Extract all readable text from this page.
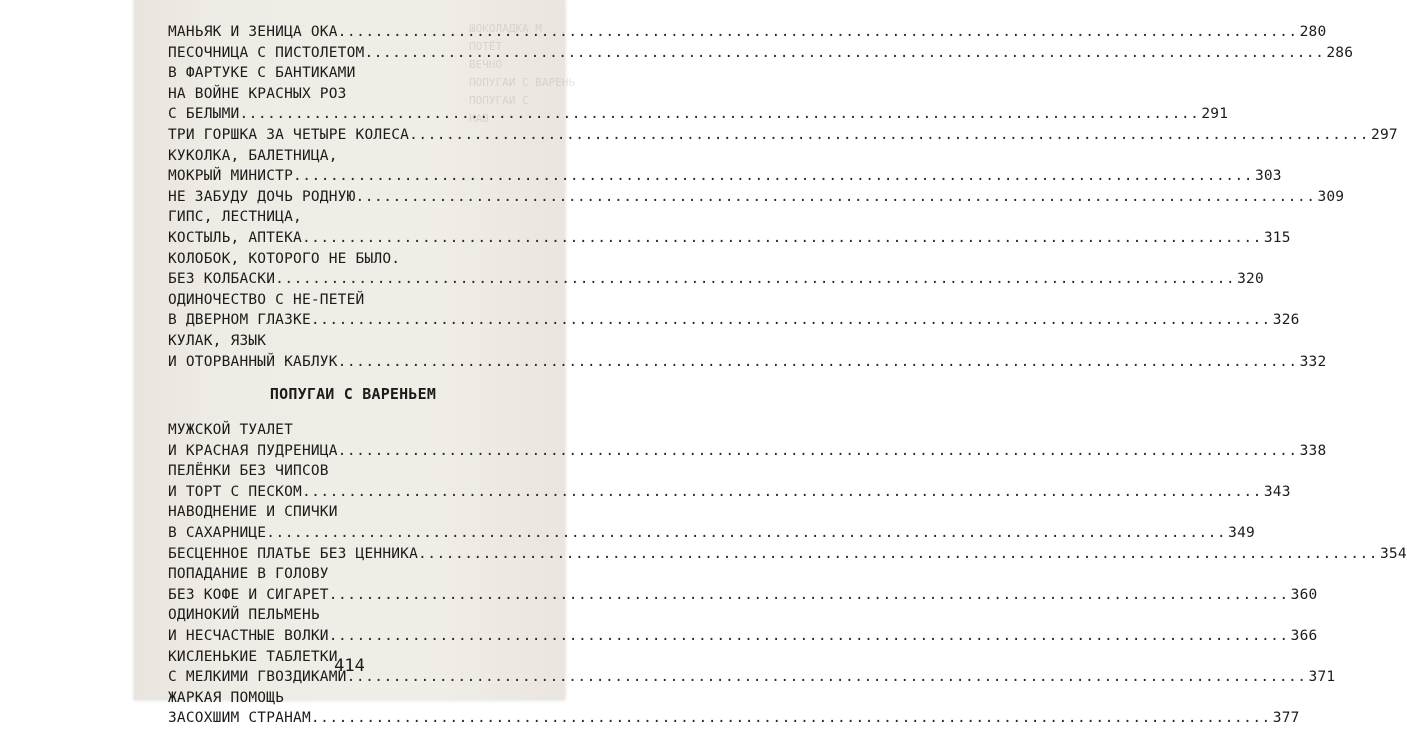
ШОКОЛАДКА М
ПОТЁТ
ВЕЧНО
ПОПУГАИ С ВАРЕНЬ
ПОПУГАИ С
НАВ
МАНЬЯК И ЗЕНИЦА ОКА .....	280
ПЕСОЧНИЦА С ПИСТОЛЕТОМ .....	286
В ФАРТУКЕ С БАНТИКАМИ
НА ВОЙНЕ КРАСНЫХ РОЗ
С БЕЛЫМИ .....	291
ТРИ ГОРШКА ЗА ЧЕТЫРЕ КОЛЕСА .....	297
КУКОЛКА, БАЛЕТНИЦА,
МОКРЫЙ МИНИСТР .....	303
НЕ ЗАБУДУ ДОЧЬ РОДНУЮ .....	309
ГИПС, ЛЕСТНИЦА,
КОСТЫЛЬ, АПТЕКА .....	315
КОЛОБОК, КОТОРОГО НЕ БЫЛО.
БЕЗ КОЛБАСКИ .....	320
ОДИНОЧЕСТВО С НЕ-ПЕТЕЙ
В ДВЕРНОМ ГЛАЗКЕ .....	326
КУЛАК, ЯЗЫК
И ОТОРВАННЫЙ КАБЛУК .....	332
ПОПУГАИ С ВАРЕНЬЕМ
МУЖСКОЙ ТУАЛЕТ
И КРАСНАЯ ПУДРЕНИЦА .....	338
ПЕЛЁНКИ БЕЗ ЧИПСОВ
И ТОРТ С ПЕСКОМ .....	343
НАВОДНЕНИЕ И СПИЧКИ
В САХАРНИЦЕ .....	349
БЕСЦЕННОЕ ПЛАТЬЕ БЕЗ ЦЕННИКА .....	354
ПОПАДАНИЕ В ГОЛОВУ
БЕЗ КОФЕ И СИГАРЕТ .....	360
ОДИНОКИЙ ПЕЛЬМЕНЬ
И НЕСЧАСТНЫЕ ВОЛКИ .....	366
КИСЛЕНЬКИЕ ТАБЛЕТКИ
С МЕЛКИМИ ГВОЗДИКАМИ .....	371
ЖАРКАЯ ПОМОЩЬ
ЗАСОХШИМ СТРАНАМ .....	377
414
